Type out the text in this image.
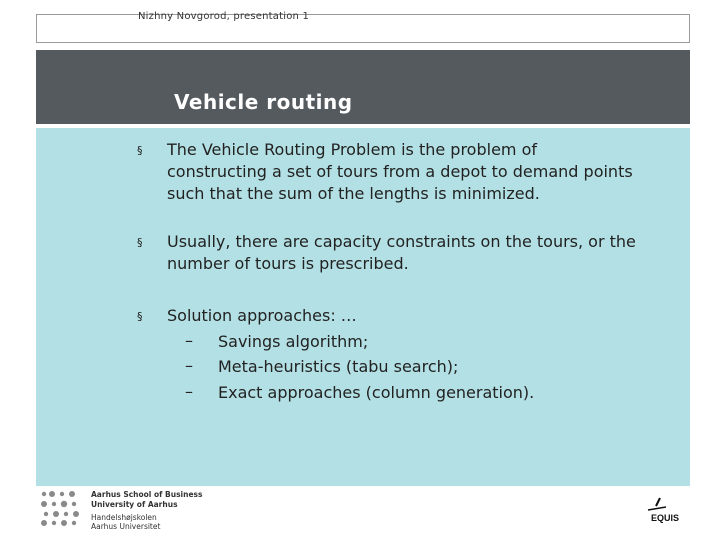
Nizhny Novgorod, presentation 1
Vehicle routing
§ The Vehicle Routing Problem is the problem of constructing a set of tours from a depot to demand points such that the sum of the lengths is minimized.
§ Usually, there are capacity constraints on the tours, or the number of tours is prescribed.
§ Solution approaches: …
– Savings algorithm;
– Meta-heuristics (tabu search);
– Exact approaches (column generation).
Aarhus School of Business
University of Aarhus
Handelshøjskolen
Aarhus Universitet
EQUIS
